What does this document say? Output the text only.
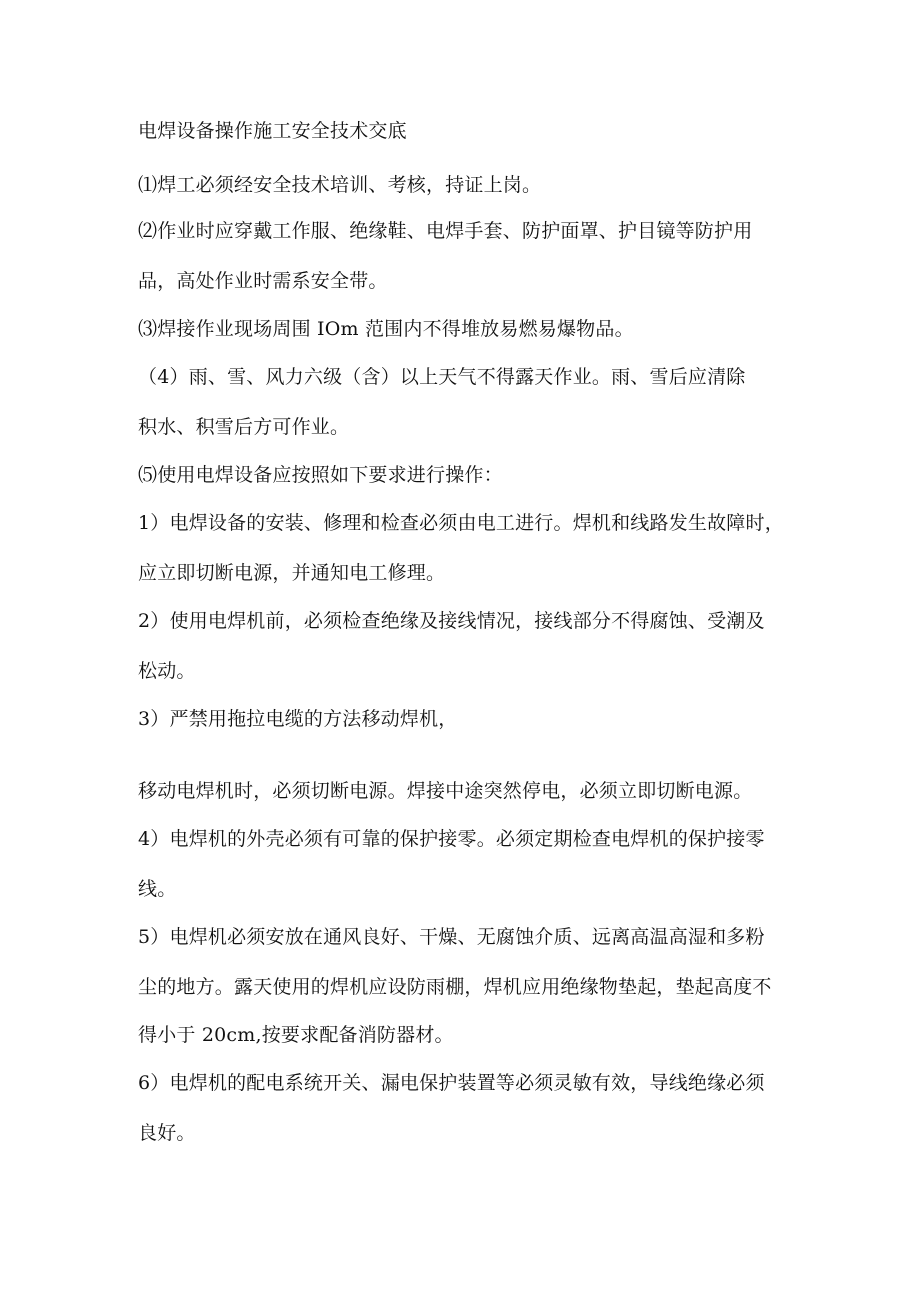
电焊设备操作施工安全技术交底
⑴焊工必须经安全技术培训、考核，持证上岗。
⑵作业时应穿戴工作服、绝缘鞋、电焊手套、防护面罩、护目镜等防护用
品，高处作业时需系安全带。
⑶焊接作业现场周围 IOm 范围内不得堆放易燃易爆物品。
（4）雨、雪、风力六级（含）以上天气不得露天作业。雨、雪后应清除
积水、积雪后方可作业。
⑸使用电焊设备应按照如下要求进行操作：
1）电焊设备的安装、修理和检查必须由电工进行。焊机和线路发生故障时，
应立即切断电源，并通知电工修理。
2）使用电焊机前，必须检查绝缘及接线情况，接线部分不得腐蚀、受潮及
松动。
3）严禁用拖拉电缆的方法移动焊机，
移动电焊机时，必须切断电源。焊接中途突然停电，必须立即切断电源。
4）电焊机的外壳必须有可靠的保护接零。必须定期检查电焊机的保护接零
线。
5）电焊机必须安放在通风良好、干燥、无腐蚀介质、远离高温高湿和多粉
尘的地方。露天使用的焊机应设防雨棚，焊机应用绝缘物垫起，垫起高度不
得小于 20cm,按要求配备消防器材。
6）电焊机的配电系统开关、漏电保护装置等必须灵敏有效，导线绝缘必须
良好。
